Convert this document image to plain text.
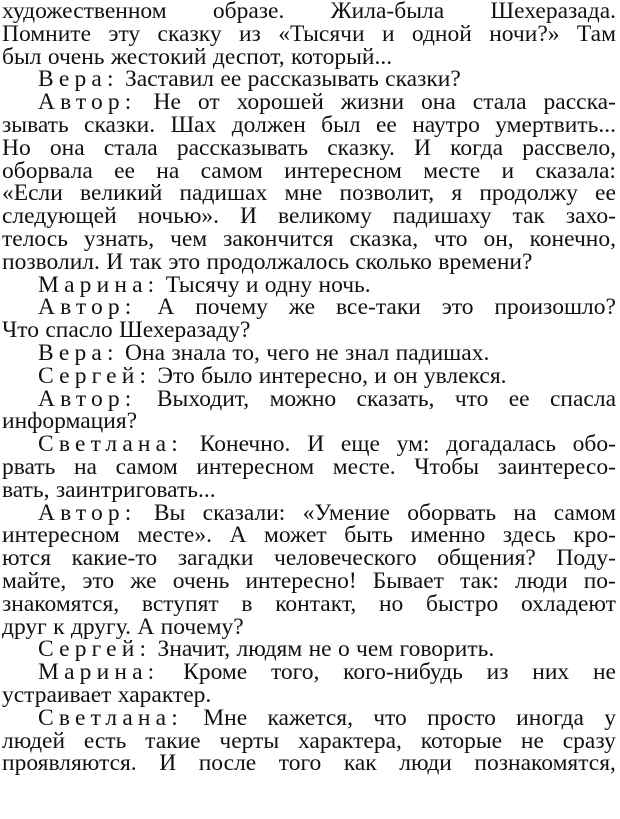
художественном образе. Жила-была Шехеразада.
Помните эту сказку из «Тысячи и одной ночи?» Там
был очень жестокий деспот, который...
Вера: Заставил ее рассказывать сказки?
Автор: Не от хорошей жизни она стала расска-
зывать сказки. Шах должен был ее наутро умертвить...
Но она стала рассказывать сказку. И когда рассвело,
оборвала ее на самом интересном месте и сказала:
«Если великий падишах мне позволит, я продолжу ее
следующей ночью». И великому падишаху так захо-
телось узнать, чем закончится сказка, что он, конечно,
позволил. И так это продолжалось сколько времени?
Марина: Тысячу и одну ночь.
Автор: А почему же все-таки это произошло?
Что спасло Шехеразаду?
Вера: Она знала то, чего не знал падишах.
Сергей: Это было интересно, и он увлекся.
Автор: Выходит, можно сказать, что ее спасла
информация?
Светлана: Конечно. И еще ум: догадалась обо-
рвать на самом интересном месте. Чтобы заинтересо-
вать, заинтриговать...
Автор: Вы сказали: «Умение оборвать на самом
интересном месте». А может быть именно здесь кро-
ются какие-то загадки человеческого общения? Поду-
майте, это же очень интересно! Бывает так: люди по-
знакомятся, вступят в контакт, но быстро охладеют
друг к другу. А почему?
Сергей: Значит, людям не о чем говорить.
Марина: Кроме того, кого-нибудь из них не
устраивает характер.
Светлана: Мне кажется, что просто иногда у
людей есть такие черты характера, которые не сразу
проявляются. И после того как люди познакомятся,
